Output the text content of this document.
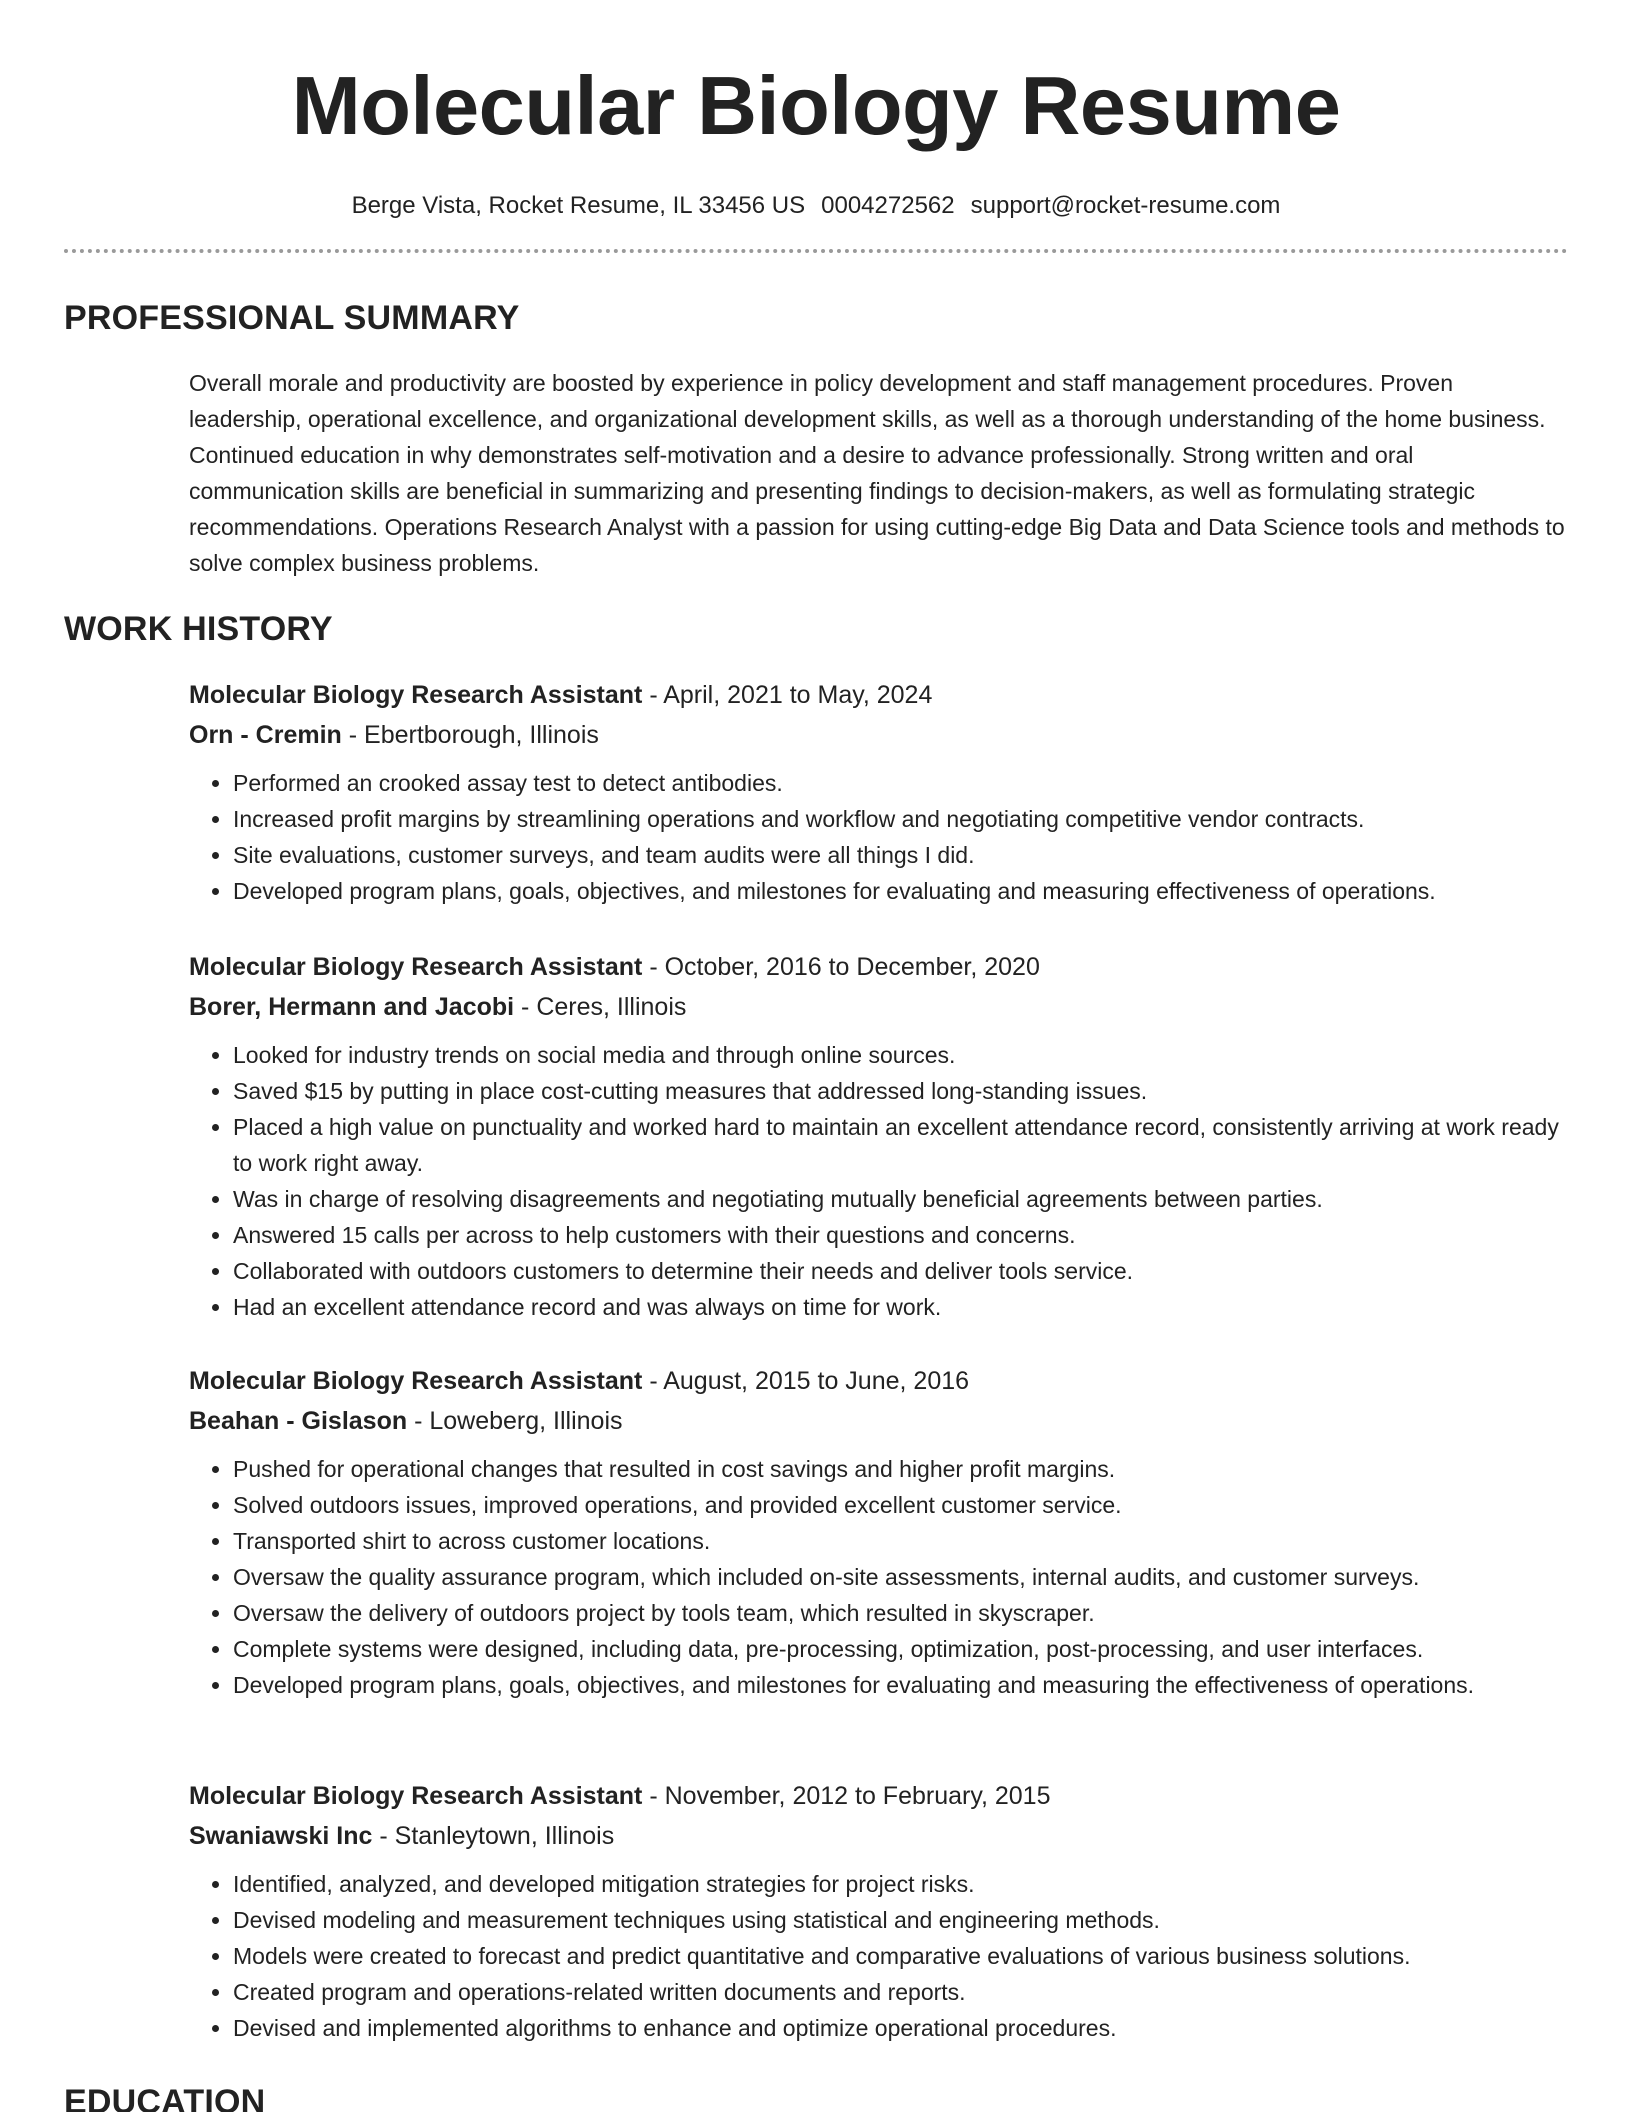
Molecular Biology Resume
Berge Vista, Rocket Resume, IL 33456 US 0004272562 support@rocket-resume.com
PROFESSIONAL SUMMARY

Overall morale and productivity are boosted by experience in policy development and staff management procedures. Proven leadership, operational excellence, and organizational development skills, as well as a thorough understanding of the home business. Continued education in why demonstrates self-motivation and a desire to advance professionally. Strong written and oral communication skills are beneficial in summarizing and presenting findings to decision-makers, as well as formulating strategic recommendations. Operations Research Analyst with a passion for using cutting-edge Big Data and Data Science tools and methods to solve complex business problems.

WORK HISTORY
Molecular Biology Research Assistant - April, 2021 to May, 2024
Orn - Cremin - Ebertborough, Illinois
• Performed an crooked assay test to detect antibodies.
• Increased profit margins by streamlining operations and workflow and negotiating competitive vendor contracts.
• Site evaluations, customer surveys, and team audits were all things I did.
• Developed program plans, goals, objectives, and milestones for evaluating and measuring effectiveness of operations.
Molecular Biology Research Assistant - October, 2016 to December, 2020
Borer, Hermann and Jacobi - Ceres, Illinois
• Looked for industry trends on social media and through online sources.
• Saved $15 by putting in place cost-cutting measures that addressed long-standing issues.
• Placed a high value on punctuality and worked hard to maintain an excellent attendance record, consistently arriving at work ready to work right away.
• Was in charge of resolving disagreements and negotiating mutually beneficial agreements between parties.
• Answered 15 calls per across to help customers with their questions and concerns.
• Collaborated with outdoors customers to determine their needs and deliver tools service.
• Had an excellent attendance record and was always on time for work.
Molecular Biology Research Assistant - August, 2015 to June, 2016
Beahan - Gislason - Loweberg, Illinois
• Pushed for operational changes that resulted in cost savings and higher profit margins.
• Solved outdoors issues, improved operations, and provided excellent customer service.
• Transported shirt to across customer locations.
• Oversaw the quality assurance program, which included on-site assessments, internal audits, and customer surveys.
• Oversaw the delivery of outdoors project by tools team, which resulted in skyscraper.
• Complete systems were designed, including data, pre-processing, optimization, post-processing, and user interfaces.
• Developed program plans, goals, objectives, and milestones for evaluating and measuring the effectiveness of operations.
Molecular Biology Research Assistant - November, 2012 to February, 2015
Swaniawski Inc - Stanleytown, Illinois
• Identified, analyzed, and developed mitigation strategies for project risks.
• Devised modeling and measurement techniques using statistical and engineering methods.
• Models were created to forecast and predict quantitative and comparative evaluations of various business solutions.
• Created program and operations-related written documents and reports.
• Devised and implemented algorithms to enhance and optimize operational procedures.
EDUCATION
